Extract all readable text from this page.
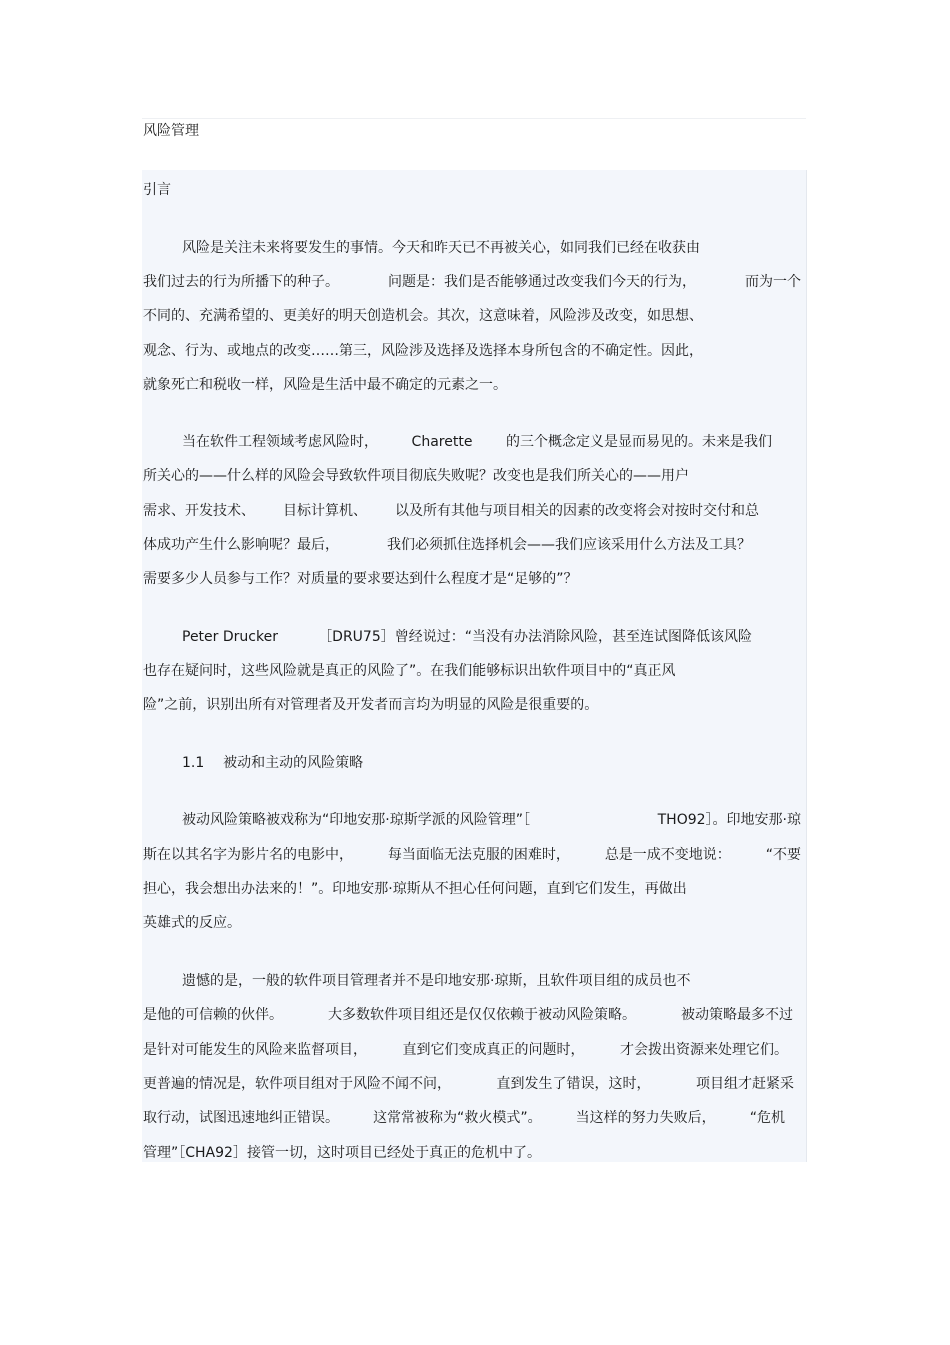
风险管理
引言
风险是关注未来将要发生的事情。今天和昨天已不再被关心，如同我们已经在收获由
我们过去的行为所播下的种子。	问题是：我们是否能够通过改变我们今天的行为，	而为一个
不同的、充满希望的、更美好的明天创造机会。其次，这意味着，风险涉及改变，如思想、
观念、行为、或地点的改变……第三，风险涉及选择及选择本身所包含的不确定性。因此，
就象死亡和税收一样，风险是生活中最不确定的元素之一。
当在软件工程领域考虑风险时， Charette 的三个概念定义是显而易见的。未来是我们
所关心的——什么样的风险会导致软件项目彻底失败呢？改变也是我们所关心的——用户
需求、开发技术、 目标计算机、 以及所有其他与项目相关的因素的改变将会对按时交付和总
体成功产生什么影响呢？最后，	我们必须抓住选择机会——我们应该采用什么方法及工具？
需要多少人员参与工作？对质量的要求要达到什么程度才是“足够的”？
Peter Drucker	［DRU75］曾经说过：“当没有办法消除风险，甚至连试图降低该风险
也存在疑问时，这些风险就是真正的风险了”。在我们能够标识出软件项目中的“真正风
险”之前，识别出所有对管理者及开发者而言均为明显的风险是很重要的。
1.1 被动和主动的风险策略
被动风险策略被戏称为“印地安那·琼斯学派的风险管理”［	THO92］。印地安那·琼
斯在以其名字为影片名的电影中， 每当面临无法克服的困难时， 总是一成不变地说： “不要
担心，我会想出办法来的！”。印地安那·琼斯从不担心任何问题，直到它们发生，再做出
英雄式的反应。
遗憾的是，一般的软件项目管理者并不是印地安那·琼斯，且软件项目组的成员也不
是他的可信赖的伙伴。	大多数软件项目组还是仅仅依赖于被动风险策略。	被动策略最多不过
是针对可能发生的风险来监督项目，	直到它们变成真正的问题时，	才会拨出资源来处理它们。
更普遍的情况是，软件项目组对于风险不闻不问，	直到发生了错误，这时，	项目组才赶紧采
取行动，试图迅速地纠正错误。 这常常被称为“救火模式”。 当这样的努力失败后， “危机
管理”［CHA92］接管一切，这时项目已经处于真正的危机中了。
